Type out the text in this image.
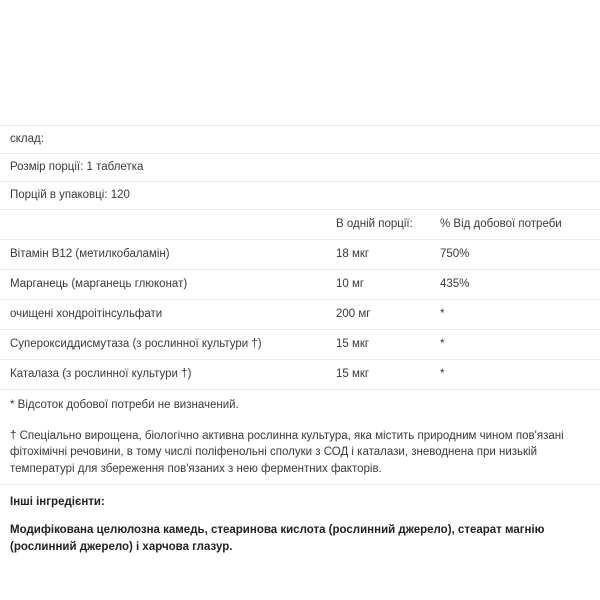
склад:
Розмір порції: 1 таблетка
Порцій в упаковці: 120
	В одній порції:	% Від добової потреби
Вітамін B12 (метилкобаламін)	18 мкг	750%
Марганець (марганець глюконат)	10 мг	435%
очищені хондроітінсульфати	200 мг	*
Супероксиддисмутаза (з рослинної культури †)	15 мкг	*
Каталаза (з рослинної культури †)	15 мкг	*

* Відсоток добової потреби не визначений.

† Спеціально вирощена, біологічно активна рослинна культура, яка містить природним чином пов'язані фітохімічні речовини, в тому числі поліфенольні сполуки з СОД і каталази, зневоднена при низькій температурі для збереження пов'язаних з нею ферментних факторів.

Інші інгредієнти:

Модифікована целюлозна камедь, стеаринова кислота (рослинний джерело), стеарат магнію (рослинний джерело) і харчова глазур.
